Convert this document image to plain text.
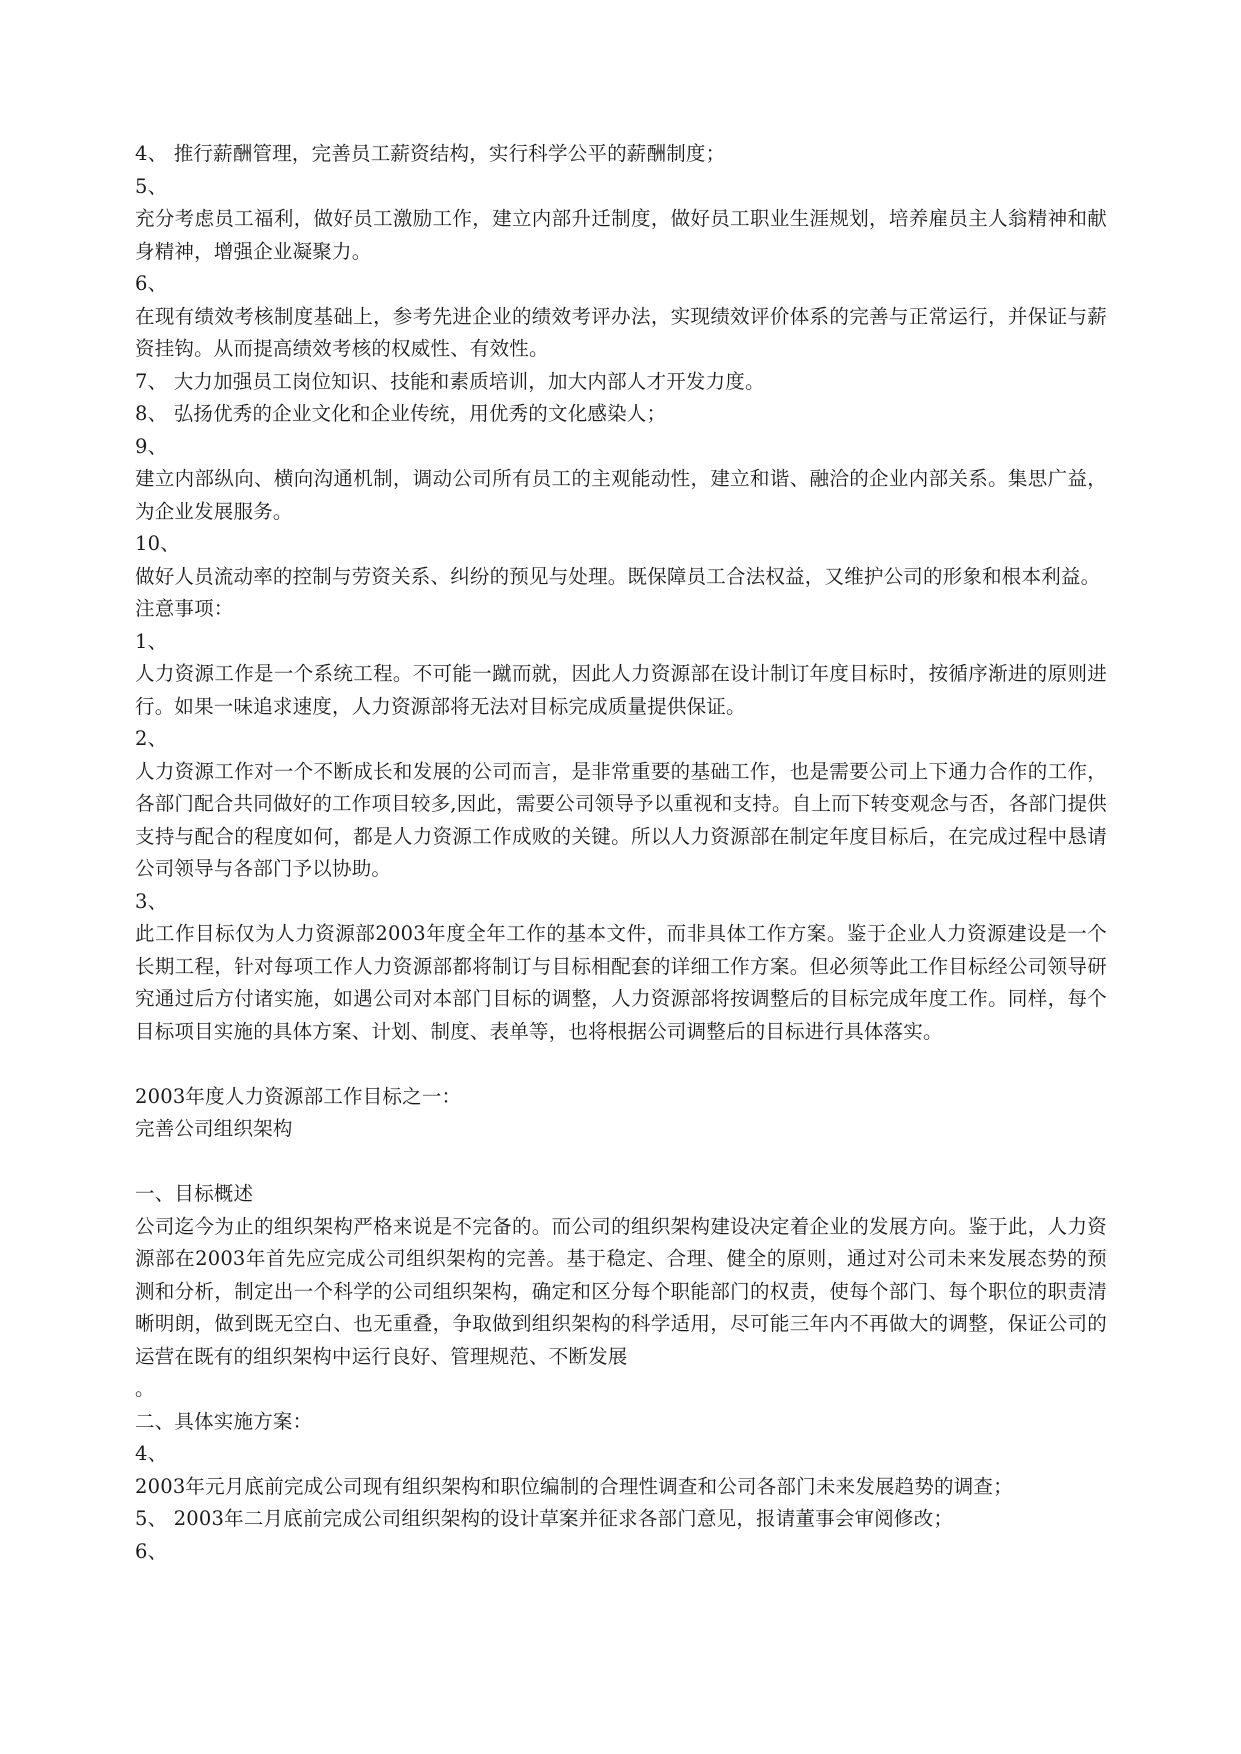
4、 推行薪酬管理，完善员工薪资结构，实行科学公平的薪酬制度；

5、

充分考虑员工福利，做好员工激励工作，建立内部升迁制度，做好员工职业生涯规划，培养雇员主人翁精神和献身精神，增强企业凝聚力。

6、

在现有绩效考核制度基础上，参考先进企业的绩效考评办法，实现绩效评价体系的完善与正常运行，并保证与薪资挂钩。从而提高绩效考核的权威性、有效性。

7、 大力加强员工岗位知识、技能和素质培训，加大内部人才开发力度。

8、 弘扬优秀的企业文化和企业传统，用优秀的文化感染人；

9、

建立内部纵向、横向沟通机制，调动公司所有员工的主观能动性，建立和谐、融洽的企业内部关系。集思广益，为企业发展服务。

10、

做好人员流动率的控制与劳资关系、纠纷的预见与处理。既保障员工合法权益，又维护公司的形象和根本利益。

注意事项：

1、

人力资源工作是一个系统工程。不可能一蹴而就，因此人力资源部在设计制订年度目标时，按循序渐进的原则进行。如果一味追求速度，人力资源部将无法对目标完成质量提供保证。

2、

人力资源工作对一个不断成长和发展的公司而言，是非常重要的基础工作，也是需要公司上下通力合作的工作，各部门配合共同做好的工作项目较多,因此，需要公司领导予以重视和支持。自上而下转变观念与否，各部门提供支持与配合的程度如何，都是人力资源工作成败的关键。所以人力资源部在制定年度目标后，在完成过程中恳请公司领导与各部门予以协助。

3、

此工作目标仅为人力资源部2003年度全年工作的基本文件，而非具体工作方案。鉴于企业人力资源建设是一个长期工程，针对每项工作人力资源部都将制订与目标相配套的详细工作方案。但必须等此工作目标经公司领导研究通过后方付诸实施，如遇公司对本部门目标的调整，人力资源部将按调整后的目标完成年度工作。同样，每个目标项目实施的具体方案、计划、制度、表单等，也将根据公司调整后的目标进行具体落实。

2003年度人力资源部工作目标之一：

完善公司组织架构

一、目标概述

公司迄今为止的组织架构严格来说是不完备的。而公司的组织架构建设决定着企业的发展方向。鉴于此，人力资源部在2003年首先应完成公司组织架构的完善。基于稳定、合理、健全的原则，通过对公司未来发展态势的预测和分析，制定出一个科学的公司组织架构，确定和区分每个职能部门的权责，使每个部门、每个职位的职责清晰明朗，做到既无空白、也无重叠，争取做到组织架构的科学适用，尽可能三年内不再做大的调整，保证公司的运营在既有的组织架构中运行良好、管理规范、不断发展

。

二、具体实施方案：

4、

2003年元月底前完成公司现有组织架构和职位编制的合理性调查和公司各部门未来发展趋势的调查；

5、 2003年二月底前完成公司组织架构的设计草案并征求各部门意见，报请董事会审阅修改；

6、
